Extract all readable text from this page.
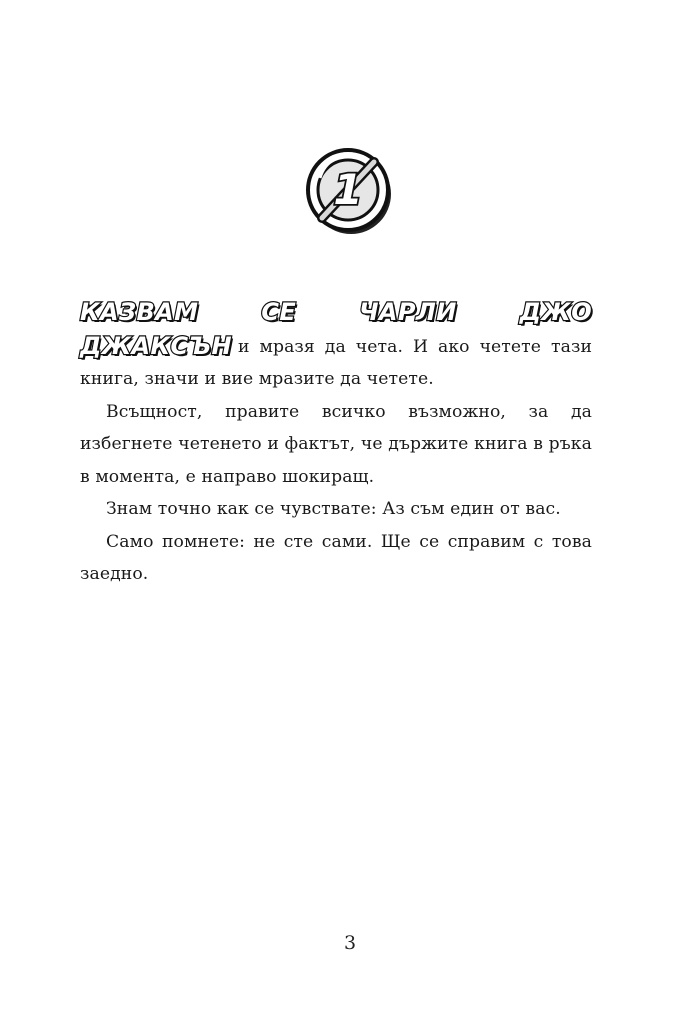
1

КАЗВАМ СЕ ЧАРЛИ ДЖО ДЖАКСЪН и мразя да чета. И ако четете тази книга, значи и вие мразите да четете.

Всъщност, правите всичко възможно, за да избегнете четенето и фактът, че държите книга в ръка в момента, е направо шокиращ.

Знам точно как се чувствате: Аз съм един от вас.

Само помнете: не сте сами. Ще се справим с това заедно.

3
